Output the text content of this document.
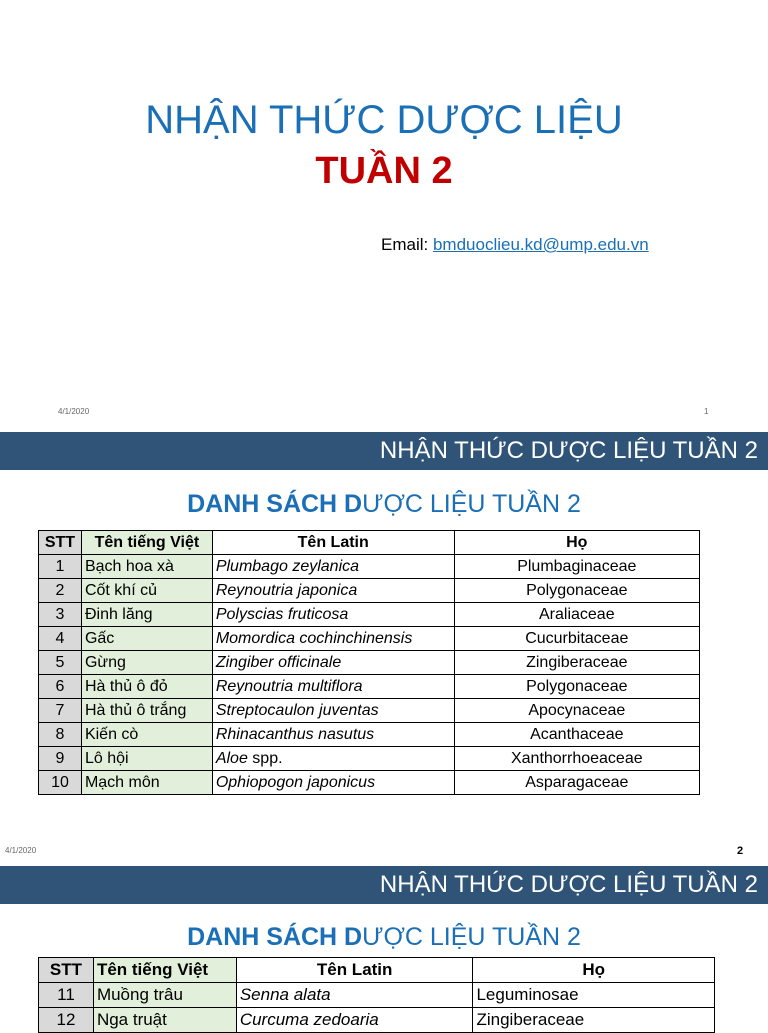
NHẬN THỨC DƯỢC LIỆU
TUẦN 2
Email: bmduoclieu.kd@ump.edu.vn
4/1/2020	1
NHẬN THỨC DƯỢC LIỆU TUẦN 2
DANH SÁCH DƯỢC LIỆU TUẦN 2
STT	Tên tiếng Việt	Tên Latin	Họ
1	Bạch hoa xà	Plumbago zeylanica	Plumbaginaceae
2	Cốt khí củ	Reynoutria japonica	Polygonaceae
3	Đinh lăng	Polyscias fruticosa	Araliaceae
4	Gấc	Momordica cochinchinensis	Cucurbitaceae
5	Gừng	Zingiber officinale	Zingiberaceae
6	Hà thủ ô đỏ	Reynoutria multiflora	Polygonaceae
7	Hà thủ ô trắng	Streptocaulon juventas	Apocynaceae
8	Kiến cò	Rhinacanthus nasutus	Acanthaceae
9	Lô hội	Aloe spp.	Xanthorrhoeaceae
10	Mạch môn	Ophiopogon japonicus	Asparagaceae
4/1/2020	2
NHẬN THỨC DƯỢC LIỆU TUẦN 2
DANH SÁCH DƯỢC LIỆU TUẦN 2
STT	Tên tiếng Việt	Tên Latin	Họ
11	Muồng trâu	Senna alata	Leguminosae
12	Nga truật	Curcuma zedoaria	Zingiberaceae
